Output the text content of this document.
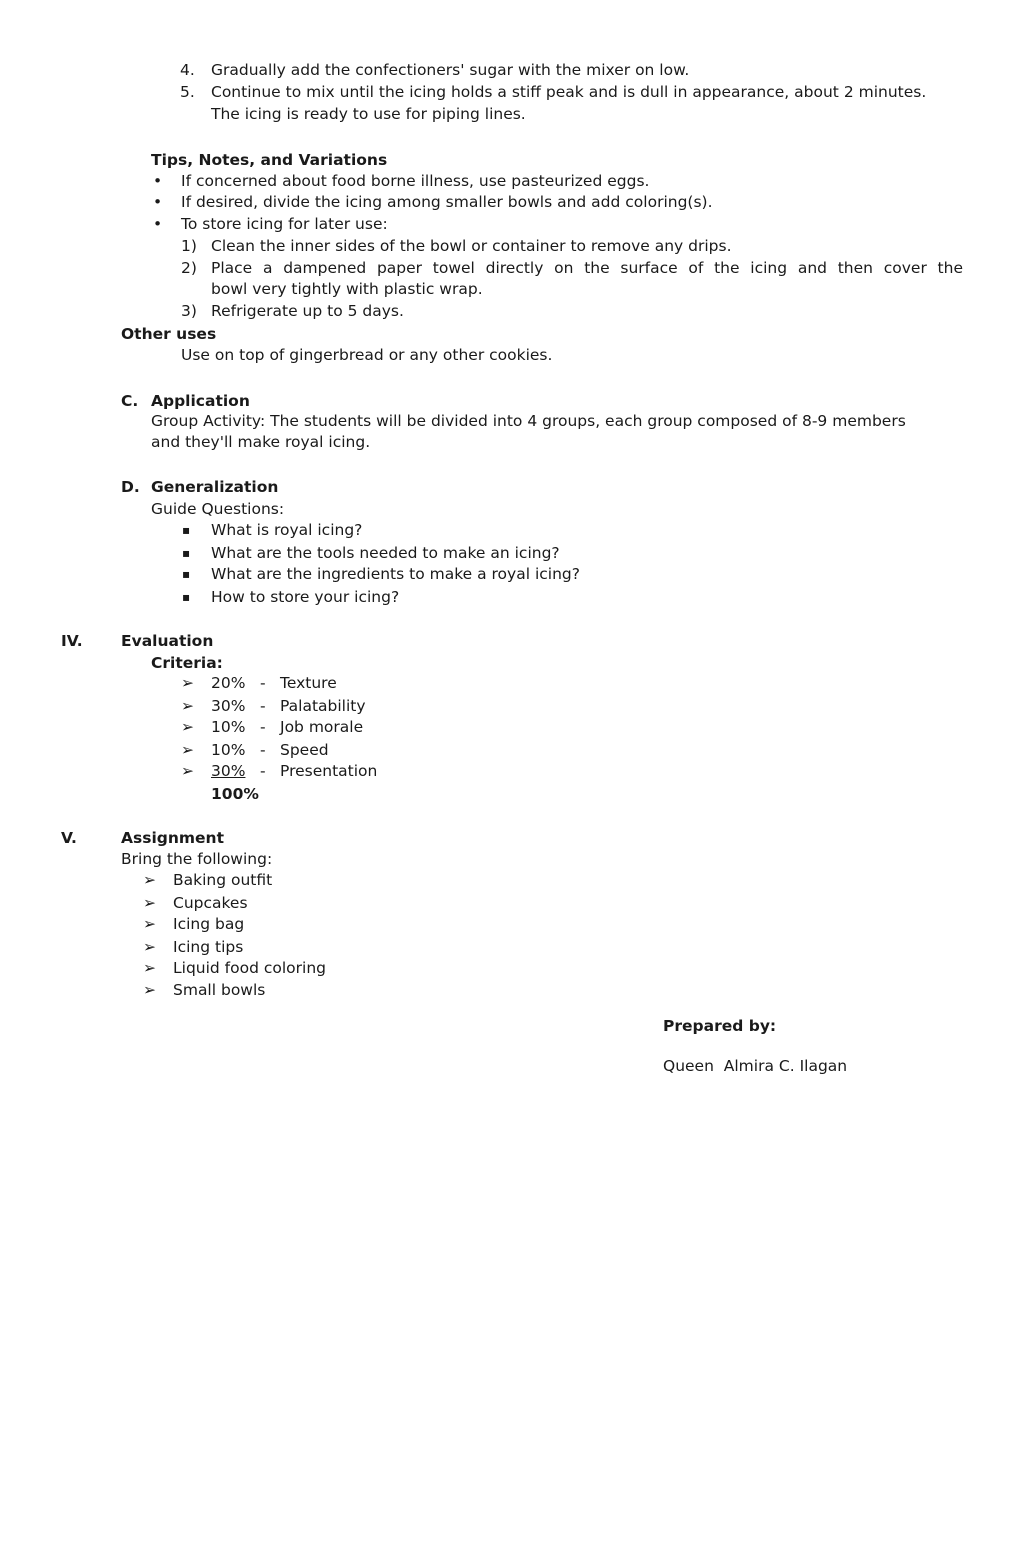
4. Gradually add the confectioners' sugar with the mixer on low.
5. Continue to mix until the icing holds a stiff peak and is dull in appearance, about 2 minutes.
The icing is ready to use for piping lines.
Tips, Notes, and Variations
• If concerned about food borne illness, use pasteurized eggs.
• If desired, divide the icing among smaller bowls and add coloring(s).
• To store icing for later use:
1) Clean the inner sides of the bowl or container to remove any drips.
2) Place a dampened paper towel directly on the surface of the icing and then cover the
bowl very tightly with plastic wrap.
3) Refrigerate up to 5 days.
Other uses
Use on top of gingerbread or any other cookies.
C. Application
Group Activity: The students will be divided into 4 groups, each group composed of 8-9 members
and they'll make royal icing.
D. Generalization
Guide Questions:
▪ What is royal icing?
▪ What are the tools needed to make an icing?
▪ What are the ingredients to make a royal icing?
▪ How to store your icing?
IV. Evaluation
Criteria:
➢ 20% - Texture
➢ 30% - Palatability
➢ 10% - Job morale
➢ 10% - Speed
➢ 30% - Presentation
100%
V.	Assignment
Bring the following:
➢ Baking outfit
➢ Cupcakes
➢ Icing bag
➢ Icing tips
➢ Liquid food coloring
➢ Small bowls
Prepared by:
Queen  Almira C. Ilagan
